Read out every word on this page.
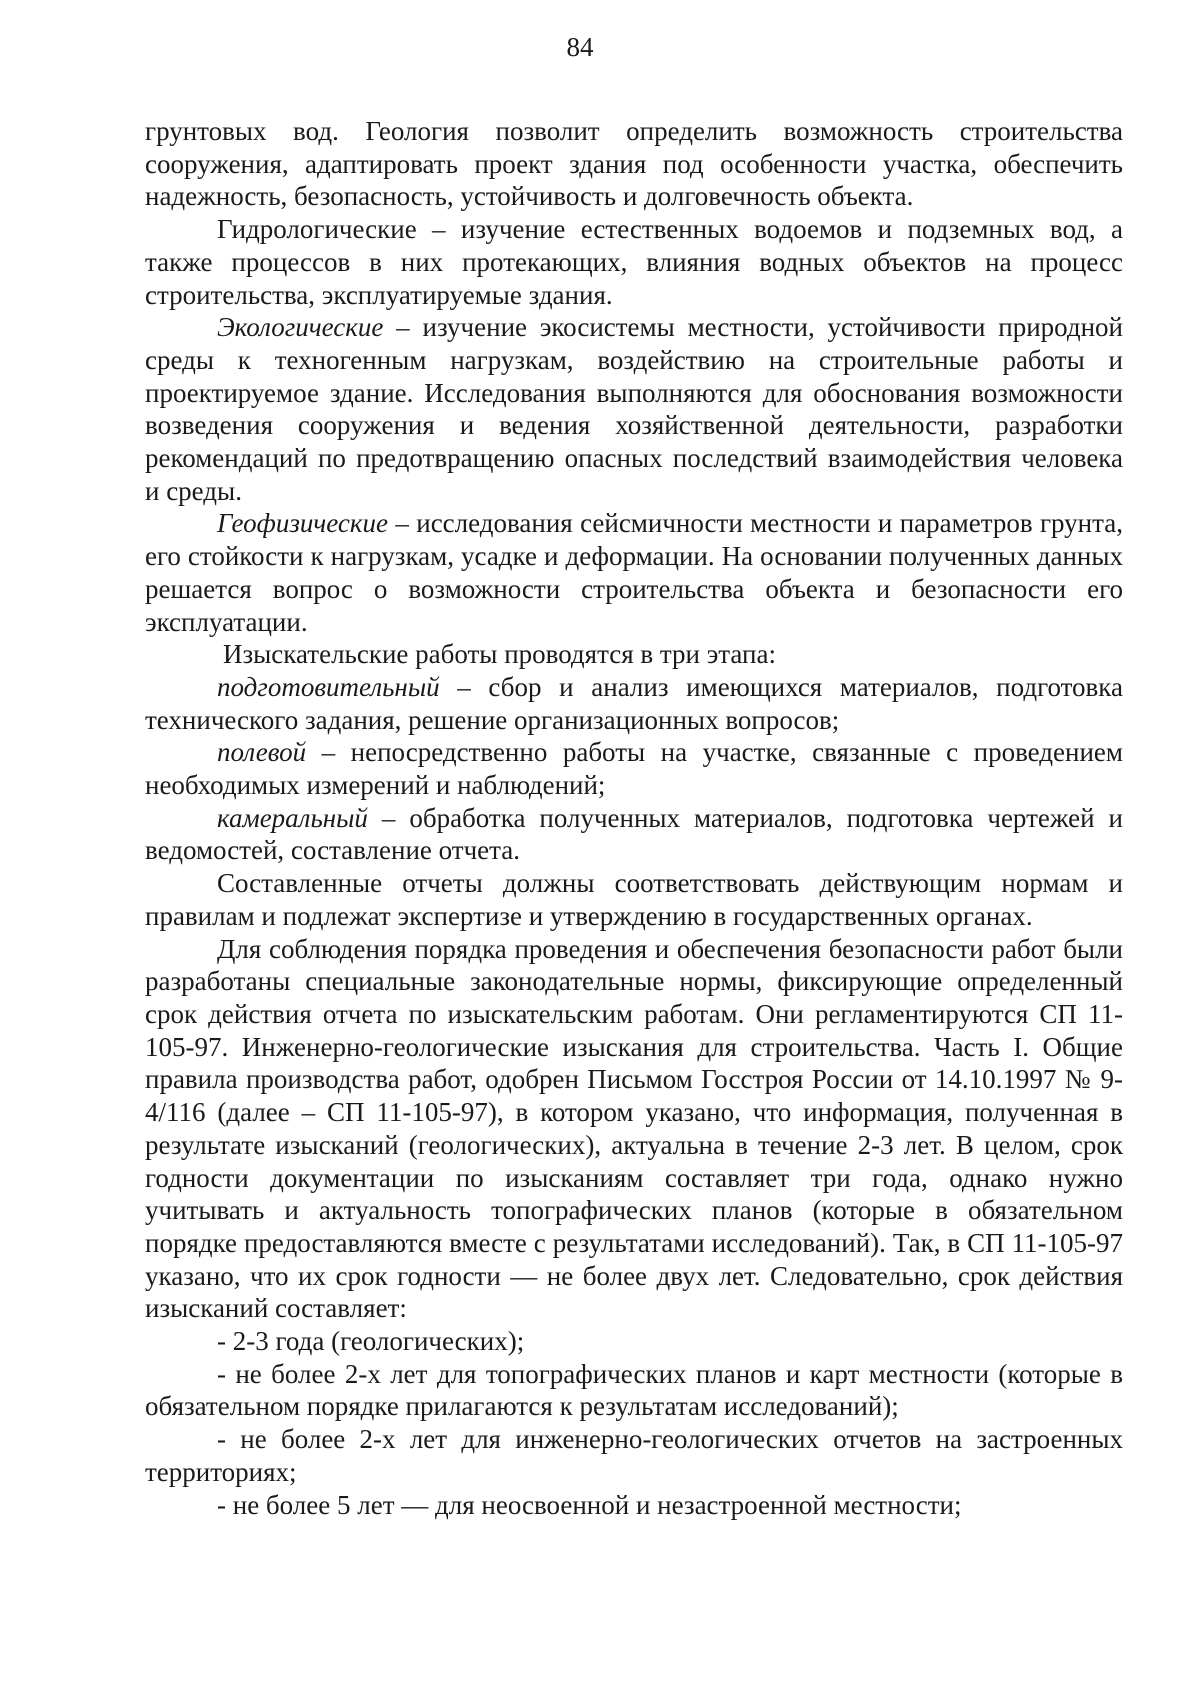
84

грунтовых вод. Геология позволит определить возможность строительства сооружения, адаптировать проект здания под особенности участка, обеспечить надежность, безопасность, устойчивость и долговечность объекта.

Гидрологические – изучение естественных водоемов и подземных вод, а также процессов в них протекающих, влияния водных объектов на процесс строительства, эксплуатируемые здания.

Экологические – изучение экосистемы местности, устойчивости природной среды к техногенным нагрузкам, воздействию на строительные работы и проектируемое здание. Исследования выполняются для обоснования возможности возведения сооружения и ведения хозяйственной деятельности, разработки рекомендаций по предотвращению опасных последствий взаимодействия человека и среды.

Геофизические – исследования сейсмичности местности и параметров грунта, его стойкости к нагрузкам, усадке и деформации. На основании полученных данных решается вопрос о возможности строительства объекта и безопасности его эксплуатации.

Изыскательские работы проводятся в три этапа:

подготовительный – сбор и анализ имеющихся материалов, подготовка технического задания, решение организационных вопросов;

полевой – непосредственно работы на участке, связанные с проведением необходимых измерений и наблюдений;

камеральный – обработка полученных материалов, подготовка чертежей и ведомостей, составление отчета.

Составленные отчеты должны соответствовать действующим нормам и правилам и подлежат экспертизе и утверждению в государственных органах.

Для соблюдения порядка проведения и обеспечения безопасности работ были разработаны специальные законодательные нормы, фиксирующие определенный срок действия отчета по изыскательским работам. Они регламентируются СП 11-105-97. Инженерно-геологические изыскания для строительства. Часть I. Общие правила производства работ, одобрен Письмом Госстроя России от 14.10.1997 № 9-4/116 (далее – СП 11-105-97), в котором указано, что информация, полученная в результате изысканий (геологических), актуальна в течение 2-3 лет. В целом, срок годности документации по изысканиям составляет три года, однако нужно учитывать и актуальность топографических планов (которые в обязательном порядке предоставляются вместе с результатами исследований). Так, в СП 11-105-97 указано, что их срок годности — не более двух лет. Следовательно, срок действия изысканий составляет:

- 2-3 года (геологических);

- не более 2-х лет для топографических планов и карт местности (которые в обязательном порядке прилагаются к результатам исследований);

- не более 2-х лет для инженерно-геологических отчетов на застроенных территориях;

- не более 5 лет — для неосвоенной и незастроенной местности;
